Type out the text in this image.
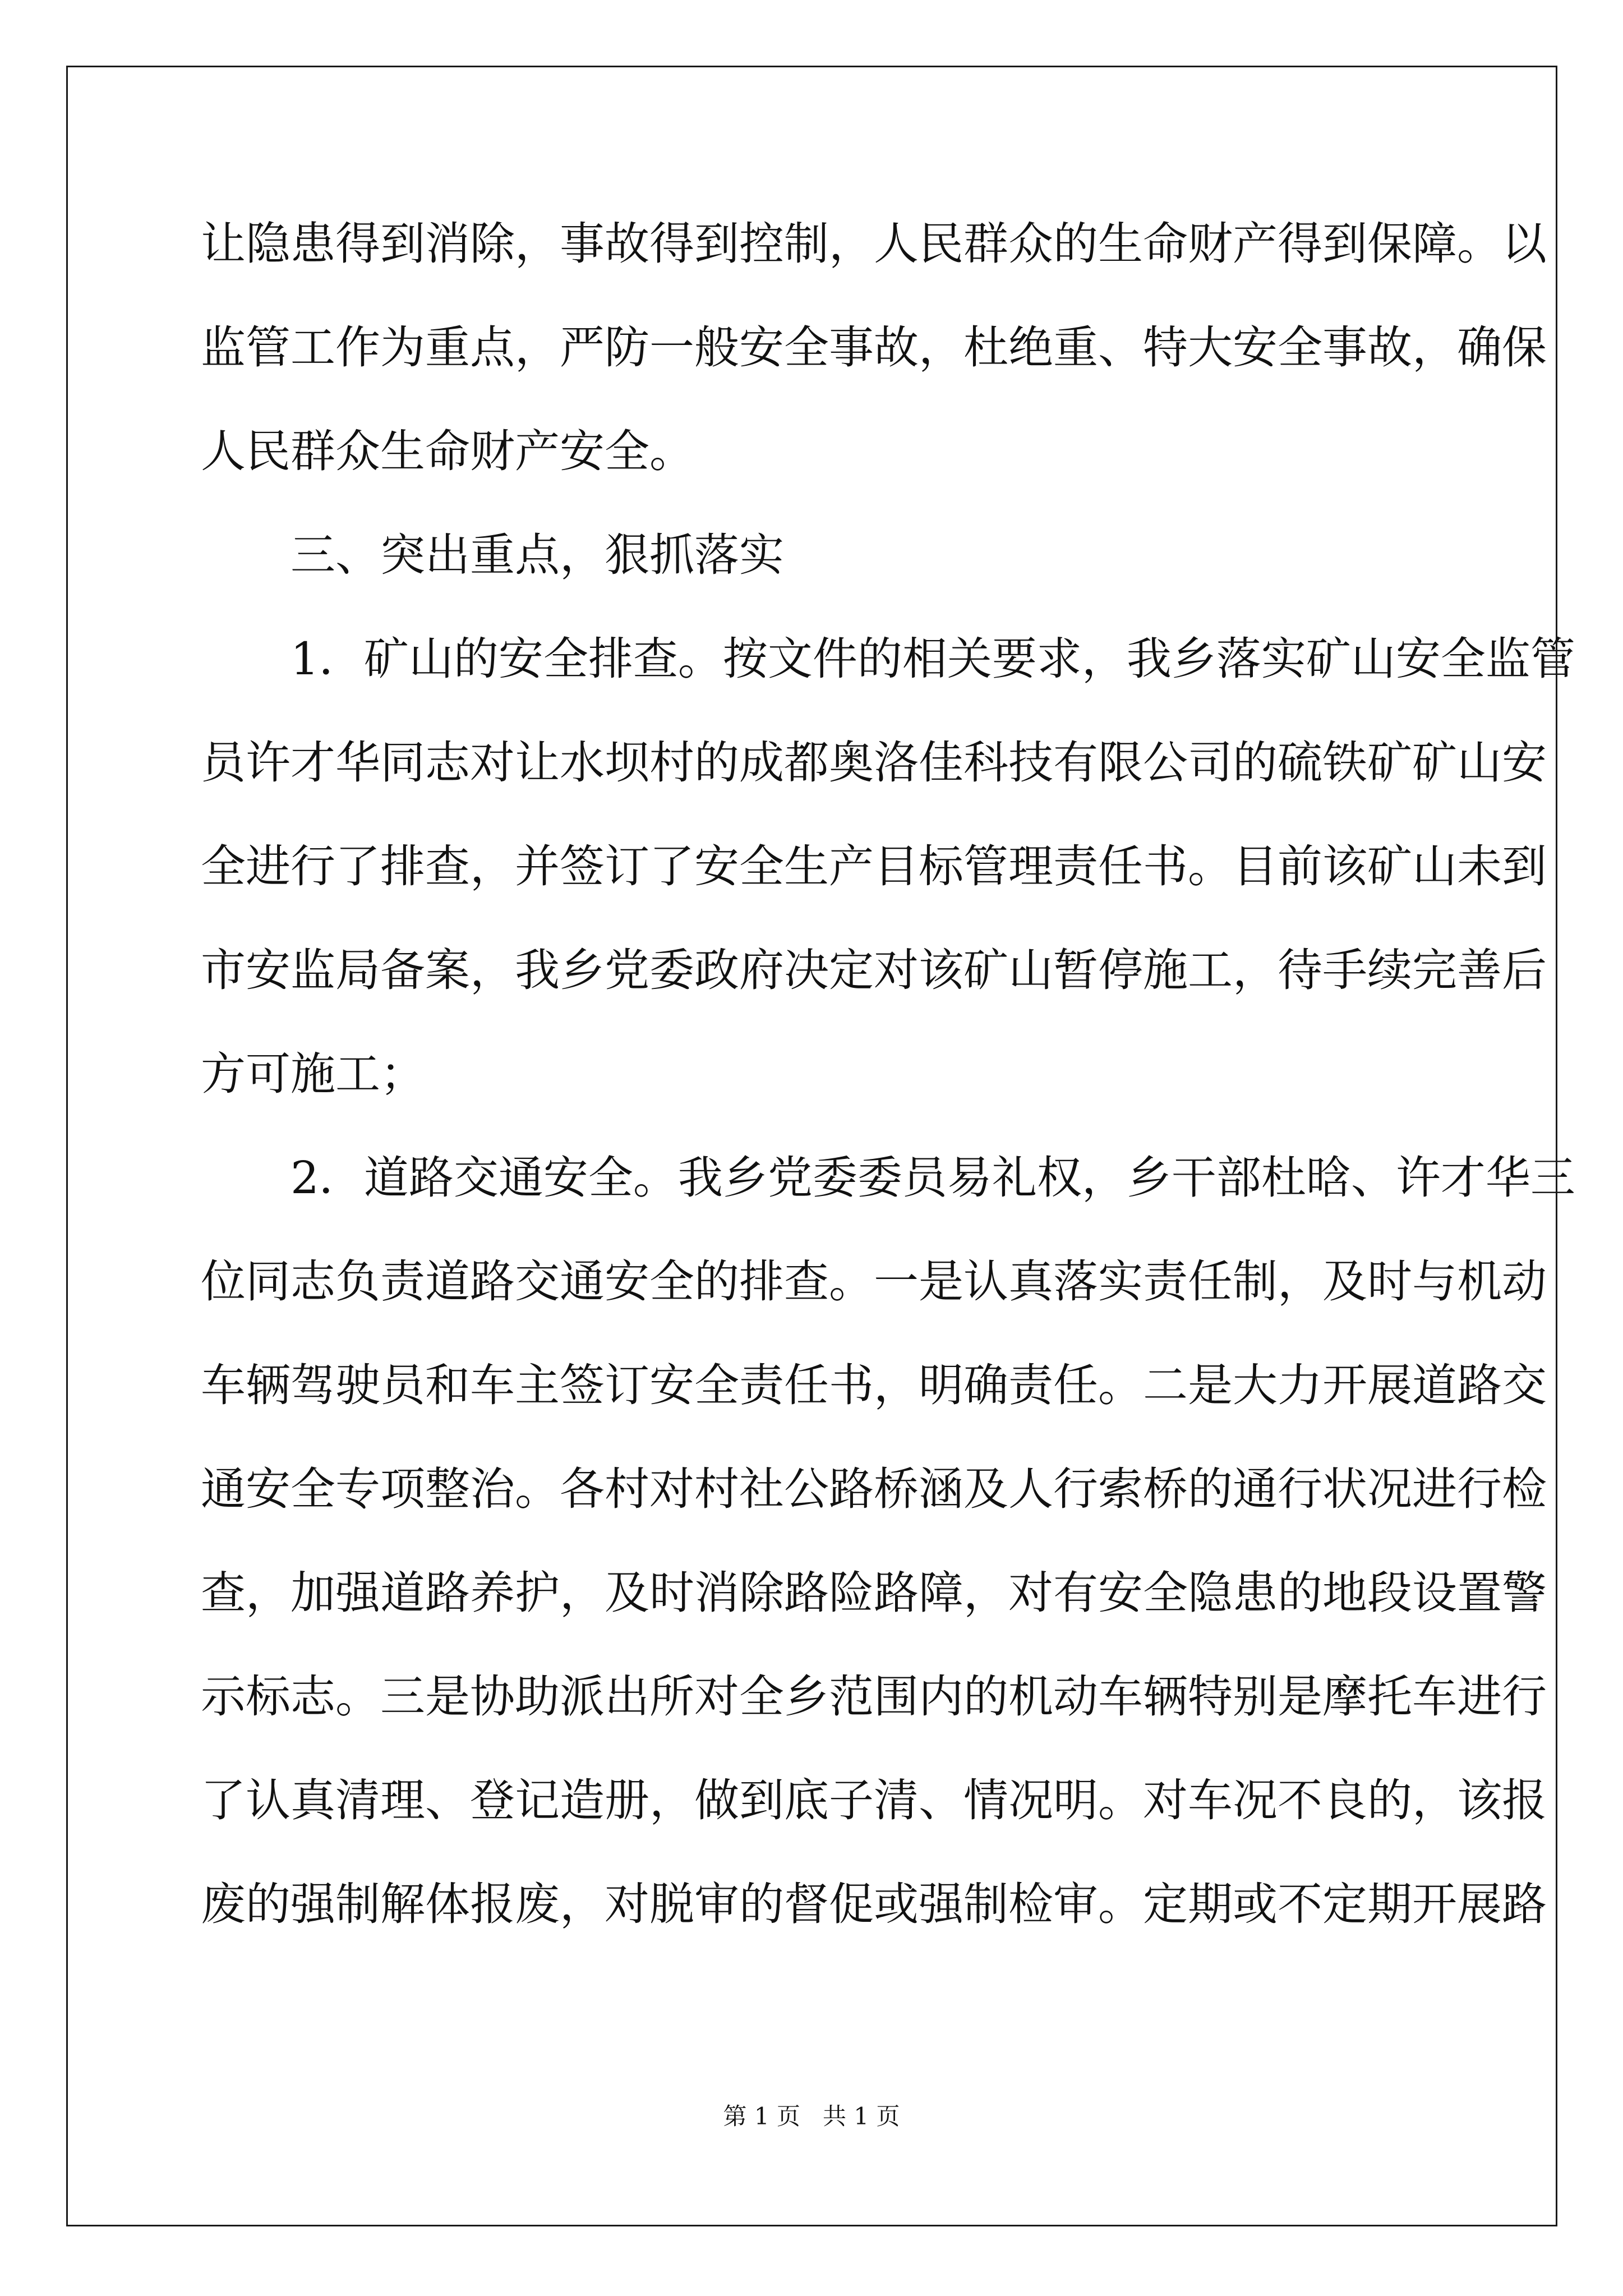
让隐患得到消除，事故得到控制，人民群众的生命财产得到保障。以
监管工作为重点，严防一般安全事故，杜绝重、特大安全事故，确保
人民群众生命财产安全。
三、突出重点，狠抓落实
1．矿山的安全排查。按文件的相关要求，我乡落实矿山安全监管
员许才华同志对让水坝村的成都奥洛佳科技有限公司的硫铁矿矿山安
全进行了排查，并签订了安全生产目标管理责任书。目前该矿山未到
市安监局备案，我乡党委政府决定对该矿山暂停施工，待手续完善后
方可施工；
2．道路交通安全。我乡党委委员易礼权，乡干部杜晗、许才华三
位同志负责道路交通安全的排查。一是认真落实责任制，及时与机动
车辆驾驶员和车主签订安全责任书，明确责任。二是大力开展道路交
通安全专项整治。各村对村社公路桥涵及人行索桥的通行状况进行检
查，加强道路养护，及时消除路险路障，对有安全隐患的地段设置警
示标志。三是协助派出所对全乡范围内的机动车辆特别是摩托车进行
了认真清理、登记造册，做到底子清、情况明。对车况不良的，该报
废的强制解体报废，对脱审的督促或强制检审。定期或不定期开展路
第 1 页   共 1 页
